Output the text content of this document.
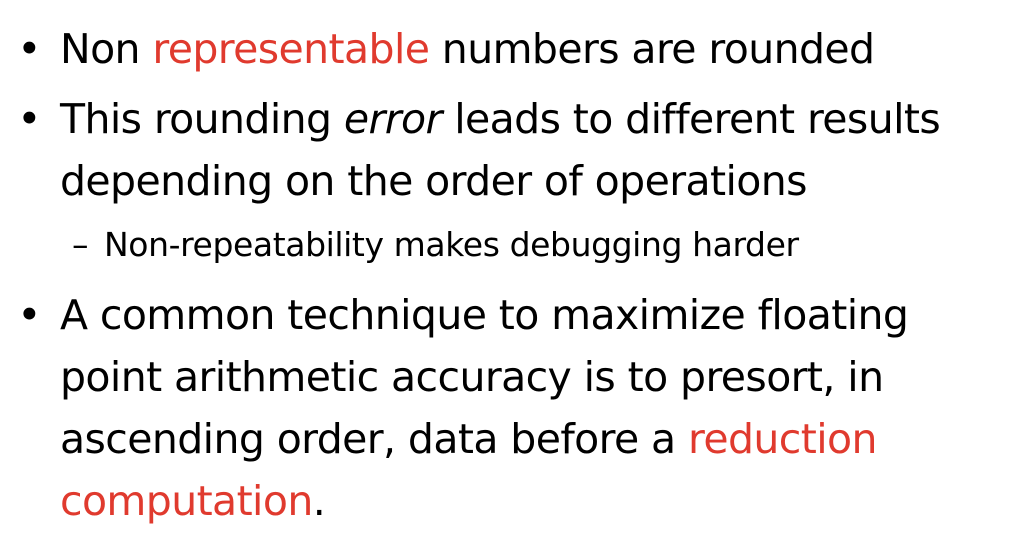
• Non representable numbers are rounded
• This rounding error leads to different results
depending on the order of operations
– Non-repeatability makes debugging harder
• A common technique to maximize floating
point arithmetic accuracy is to presort, in
ascending order, data before a reduction
computation.
